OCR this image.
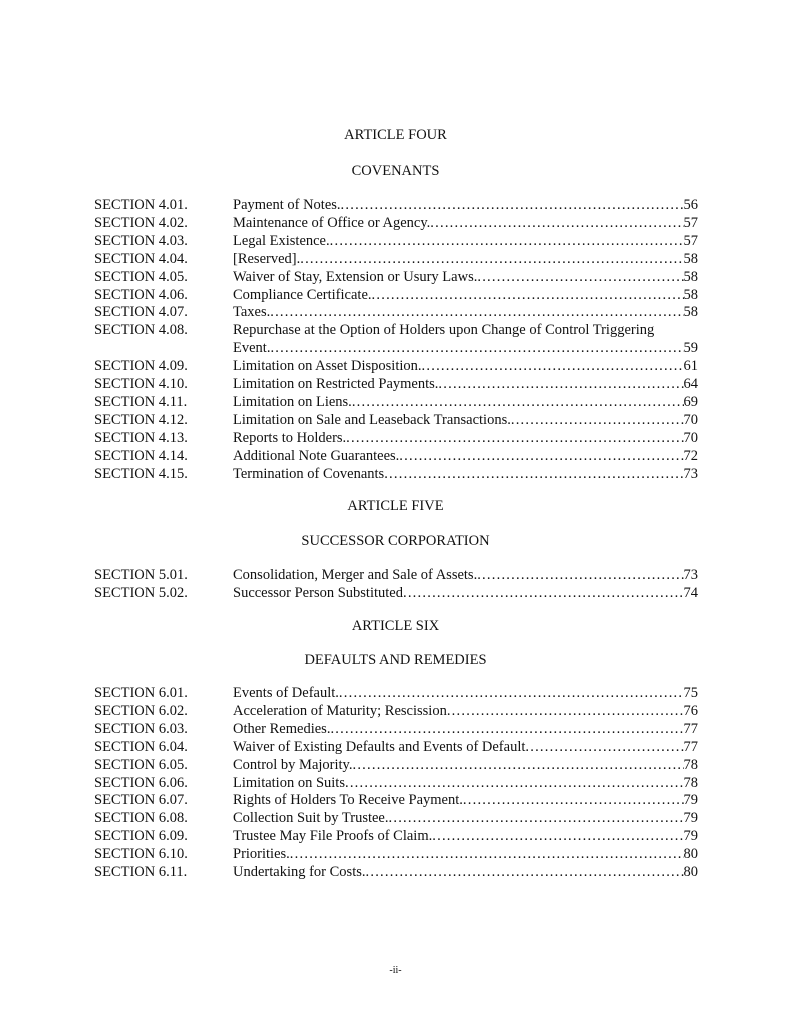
ARTICLE FOUR
COVENANTS
SECTION 4.01.	Payment of Notes. . . .	56
SECTION 4.02.	Maintenance of Office or Agency. . . .	57
SECTION 4.03.	Legal Existence. . . .	57
SECTION 4.04.	[Reserved]. . . .	58
SECTION 4.05.	Waiver of Stay, Extension or Usury Laws. . . .	58
SECTION 4.06.	Compliance Certificate. . . .	58
SECTION 4.07.	Taxes. . . .	58
SECTION 4.08.	Repurchase at the Option of Holders upon Change of Control Triggering
Event. . . .	59
SECTION 4.09.	Limitation on Asset Disposition. . . .	61
SECTION 4.10.	Limitation on Restricted Payments. . . .	64
SECTION 4.11.	Limitation on Liens. . . .	69
SECTION 4.12.	Limitation on Sale and Leaseback Transactions. . . .	70
SECTION 4.13.	Reports to Holders. . . .	70
SECTION 4.14.	Additional Note Guarantees. . . .	72
SECTION 4.15.	Termination of Covenants . . .	73
ARTICLE FIVE
SUCCESSOR CORPORATION
SECTION 5.01.	Consolidation, Merger and Sale of Assets. . . .	73
SECTION 5.02.	Successor Person Substituted . . .	74
ARTICLE SIX
DEFAULTS AND REMEDIES
SECTION 6.01.	Events of Default. . . .	75
SECTION 6.02.	Acceleration of Maturity; Rescission . . .	76
SECTION 6.03.	Other Remedies. . . .	77
SECTION 6.04.	Waiver of Existing Defaults and Events of Default . . .	77
SECTION 6.05.	Control by Majority. . . .	78
SECTION 6.06.	Limitation on Suits . . .	78
SECTION 6.07.	Rights of Holders To Receive Payment. . . .	79
SECTION 6.08.	Collection Suit by Trustee. . . .	79
SECTION 6.09.	Trustee May File Proofs of Claim. . . .	79
SECTION 6.10.	Priorities. . . .	80
SECTION 6.11.	Undertaking for Costs. . . .	80
-ii-
